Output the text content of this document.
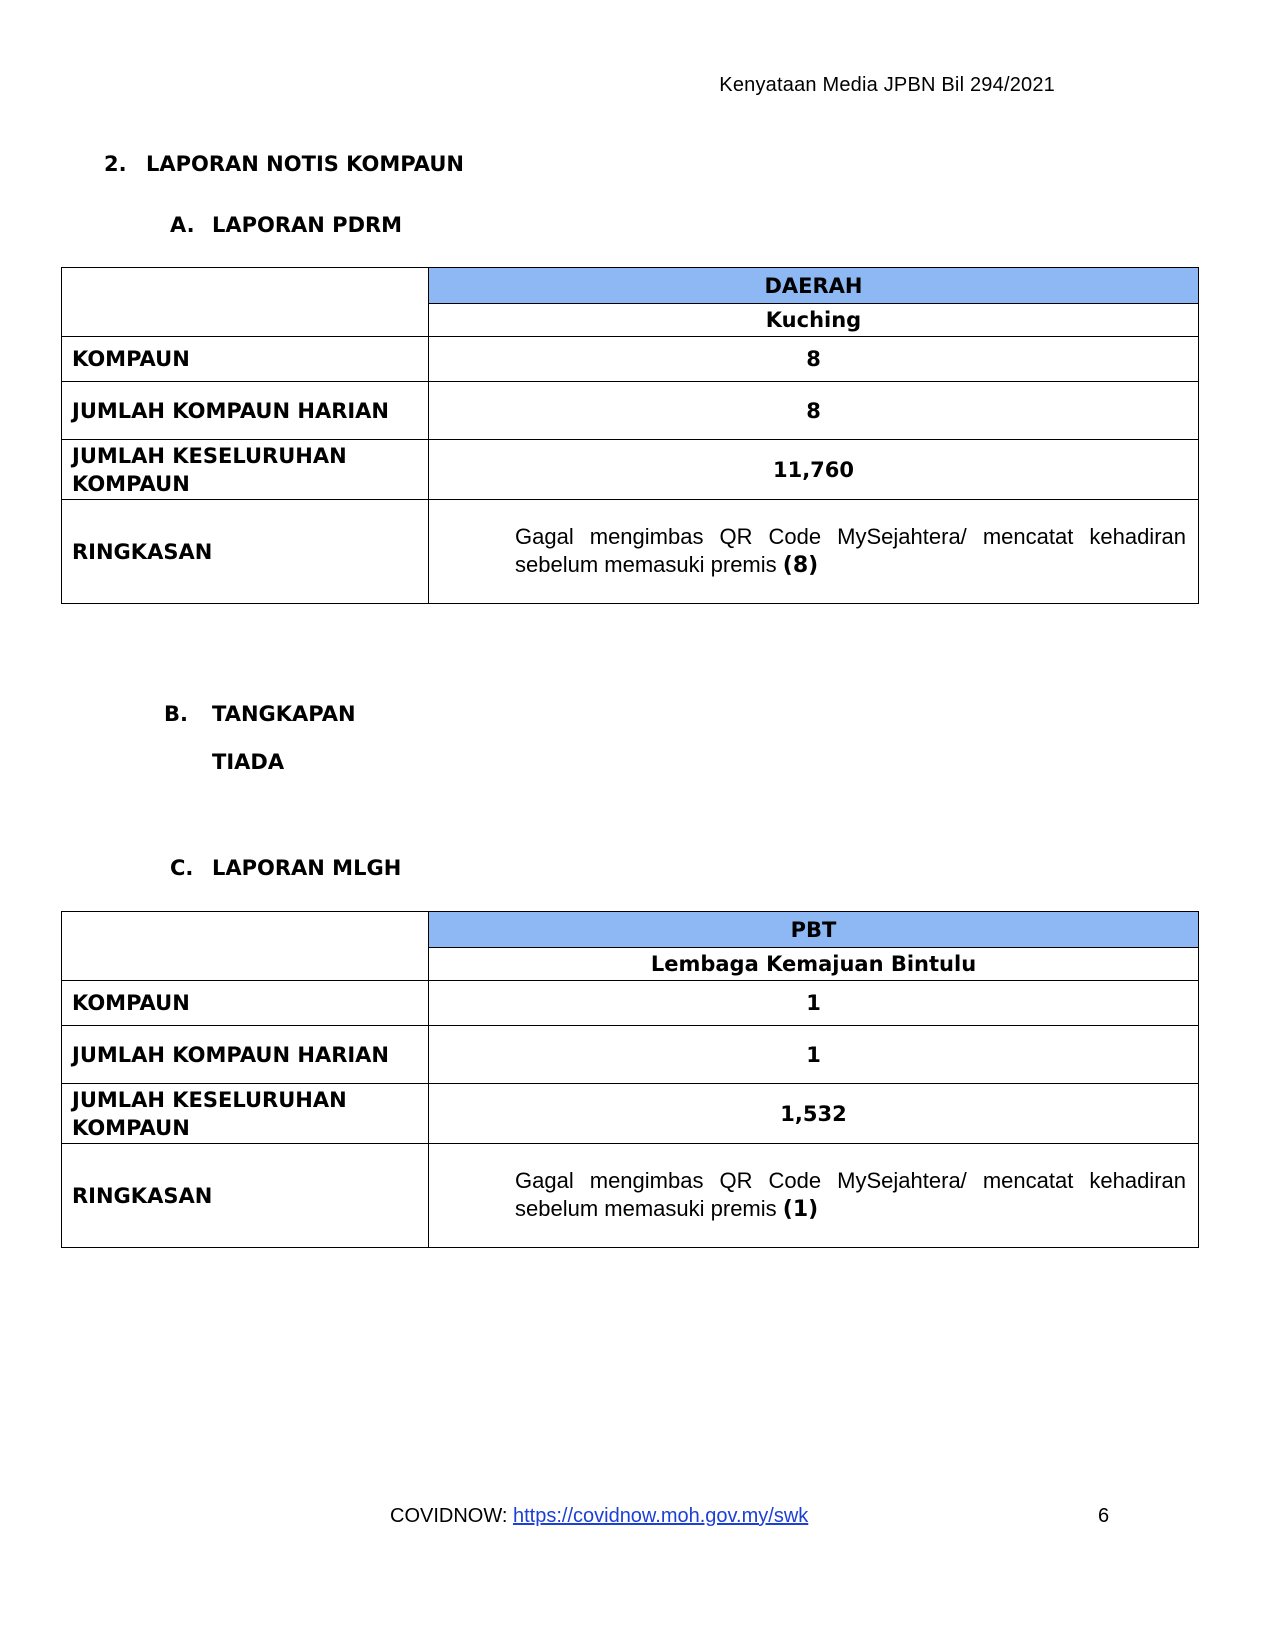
Kenyataan Media JPBN Bil 294/2021
2. LAPORAN NOTIS KOMPAUN
A. LAPORAN PDRM
	DAERAH
	Kuching
KOMPAUN	8
JUMLAH KOMPAUN HARIAN	8

JUMLAH KESELURUHAN
KOMPAUN	11,760
RINGKASAN	Gagal mengimbas QR Code MySejahtera/ mencatat kehadiran sebelum memasuki premis (8)
B. TANGKAPAN
TIADA
C. LAPORAN MLGH
	PBT
	Lembaga Kemajuan Bintulu
KOMPAUN	1
JUMLAH KOMPAUN HARIAN	1

JUMLAH KESELURUHAN
KOMPAUN	1,532
RINGKASAN	Gagal mengimbas QR Code MySejahtera/ mencatat kehadiran sebelum memasuki premis (1)
COVIDNOW: https://covidnow.moh.gov.my/swk	6
